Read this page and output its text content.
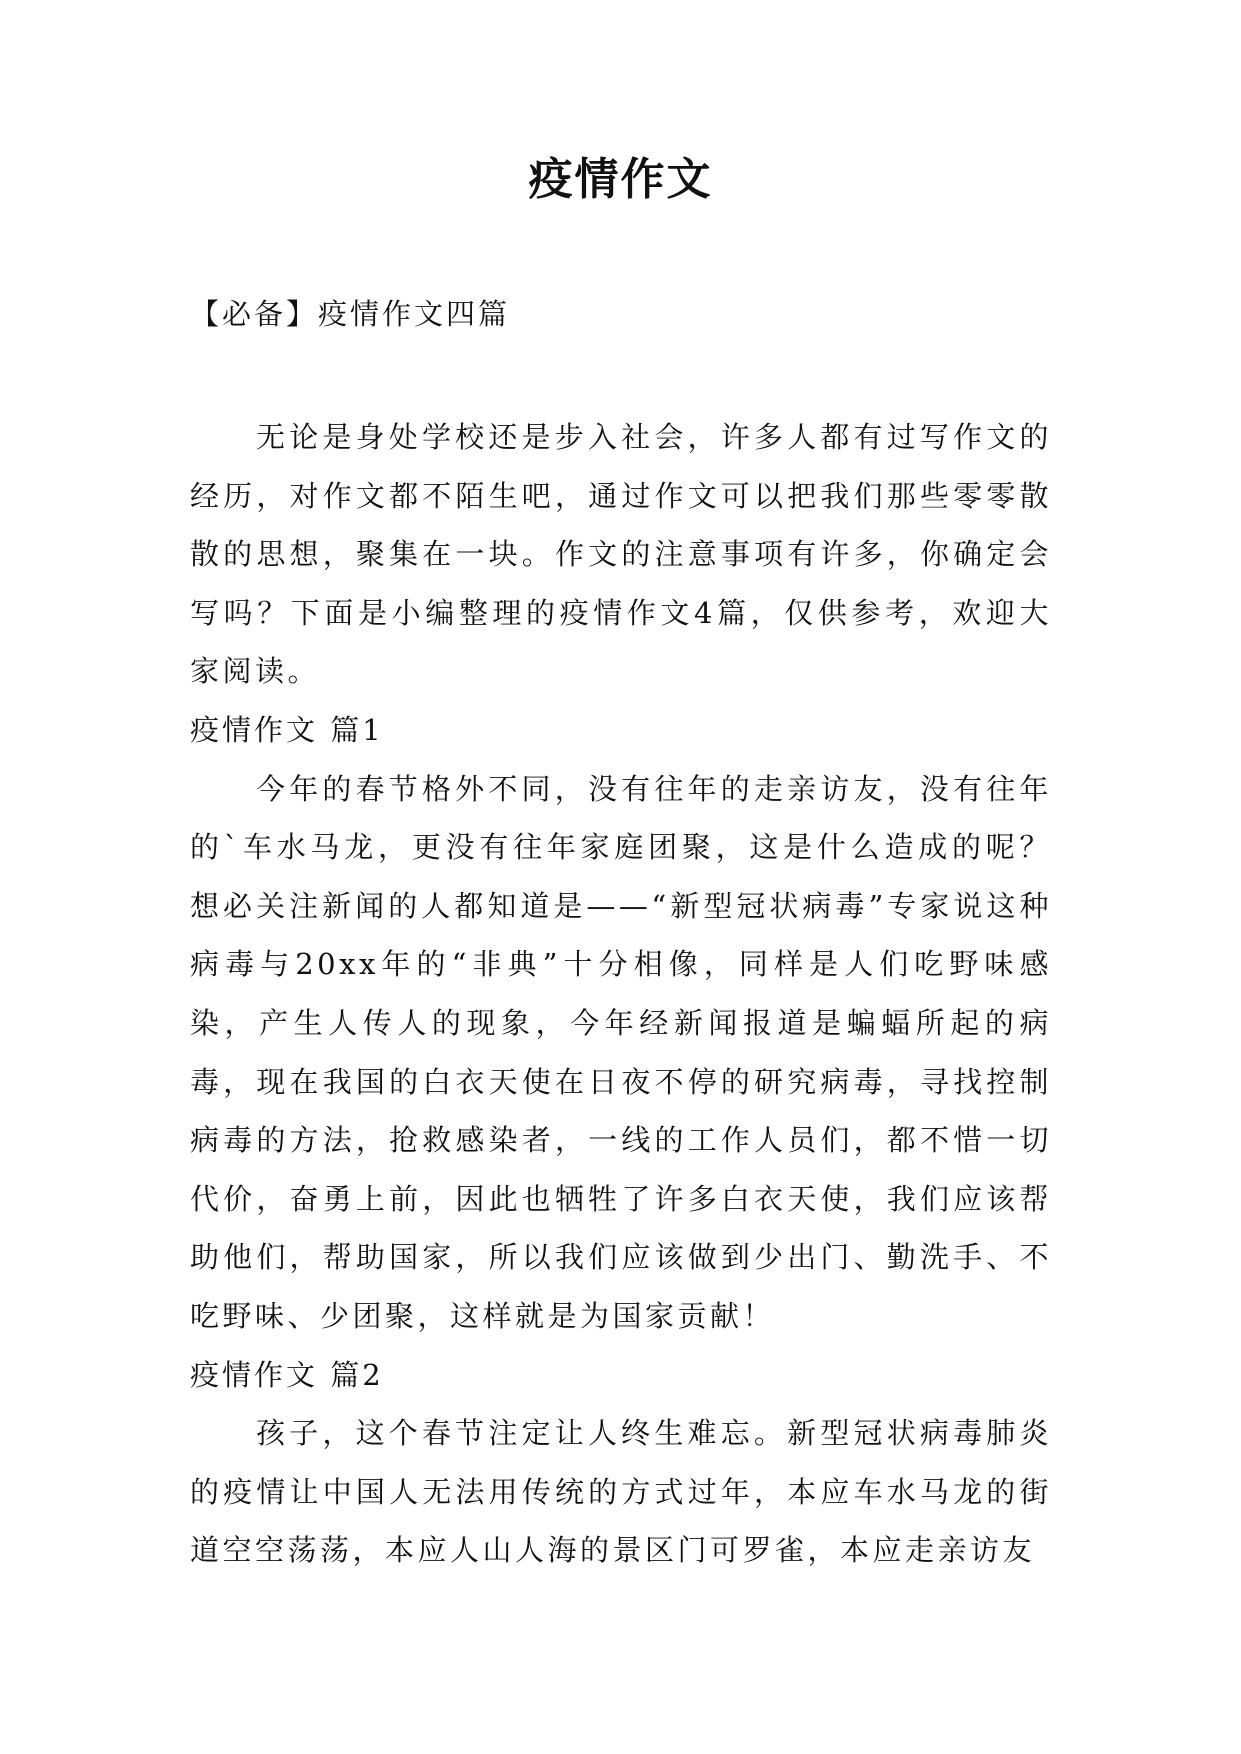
疫情作文
【必备】疫情作文四篇

无论是身处学校还是步入社会，许多人都有过写作文的经历，对作文都不陌生吧，通过作文可以把我们那些零零散散的思想，聚集在一块。作文的注意事项有许多，你确定会写吗？下面是小编整理的疫情作文4篇，仅供参考，欢迎大家阅读。

疫情作文 篇1

今年的春节格外不同，没有往年的走亲访友，没有往年的`车水马龙，更没有往年家庭团聚，这是什么造成的呢？想必关注新闻的人都知道是——“新型冠状病毒”专家说这种病毒与20xx年的“非典”十分相像，同样是人们吃野味感染，产生人传人的现象，今年经新闻报道是蝙蝠所起的病毒，现在我国的白衣天使在日夜不停的研究病毒，寻找控制病毒的方法，抢救感染者，一线的工作人员们，都不惜一切代价，奋勇上前，因此也牺牲了许多白衣天使，我们应该帮助他们，帮助国家，所以我们应该做到少出门、勤洗手、不吃野味、少团聚，这样就是为国家贡献！

疫情作文 篇2

孩子，这个春节注定让人终生难忘。新型冠状病毒肺炎的疫情让中国人无法用传统的方式过年，本应车水马龙的街道空空荡荡，本应人山人海的景区门可罗雀，本应走亲访友
